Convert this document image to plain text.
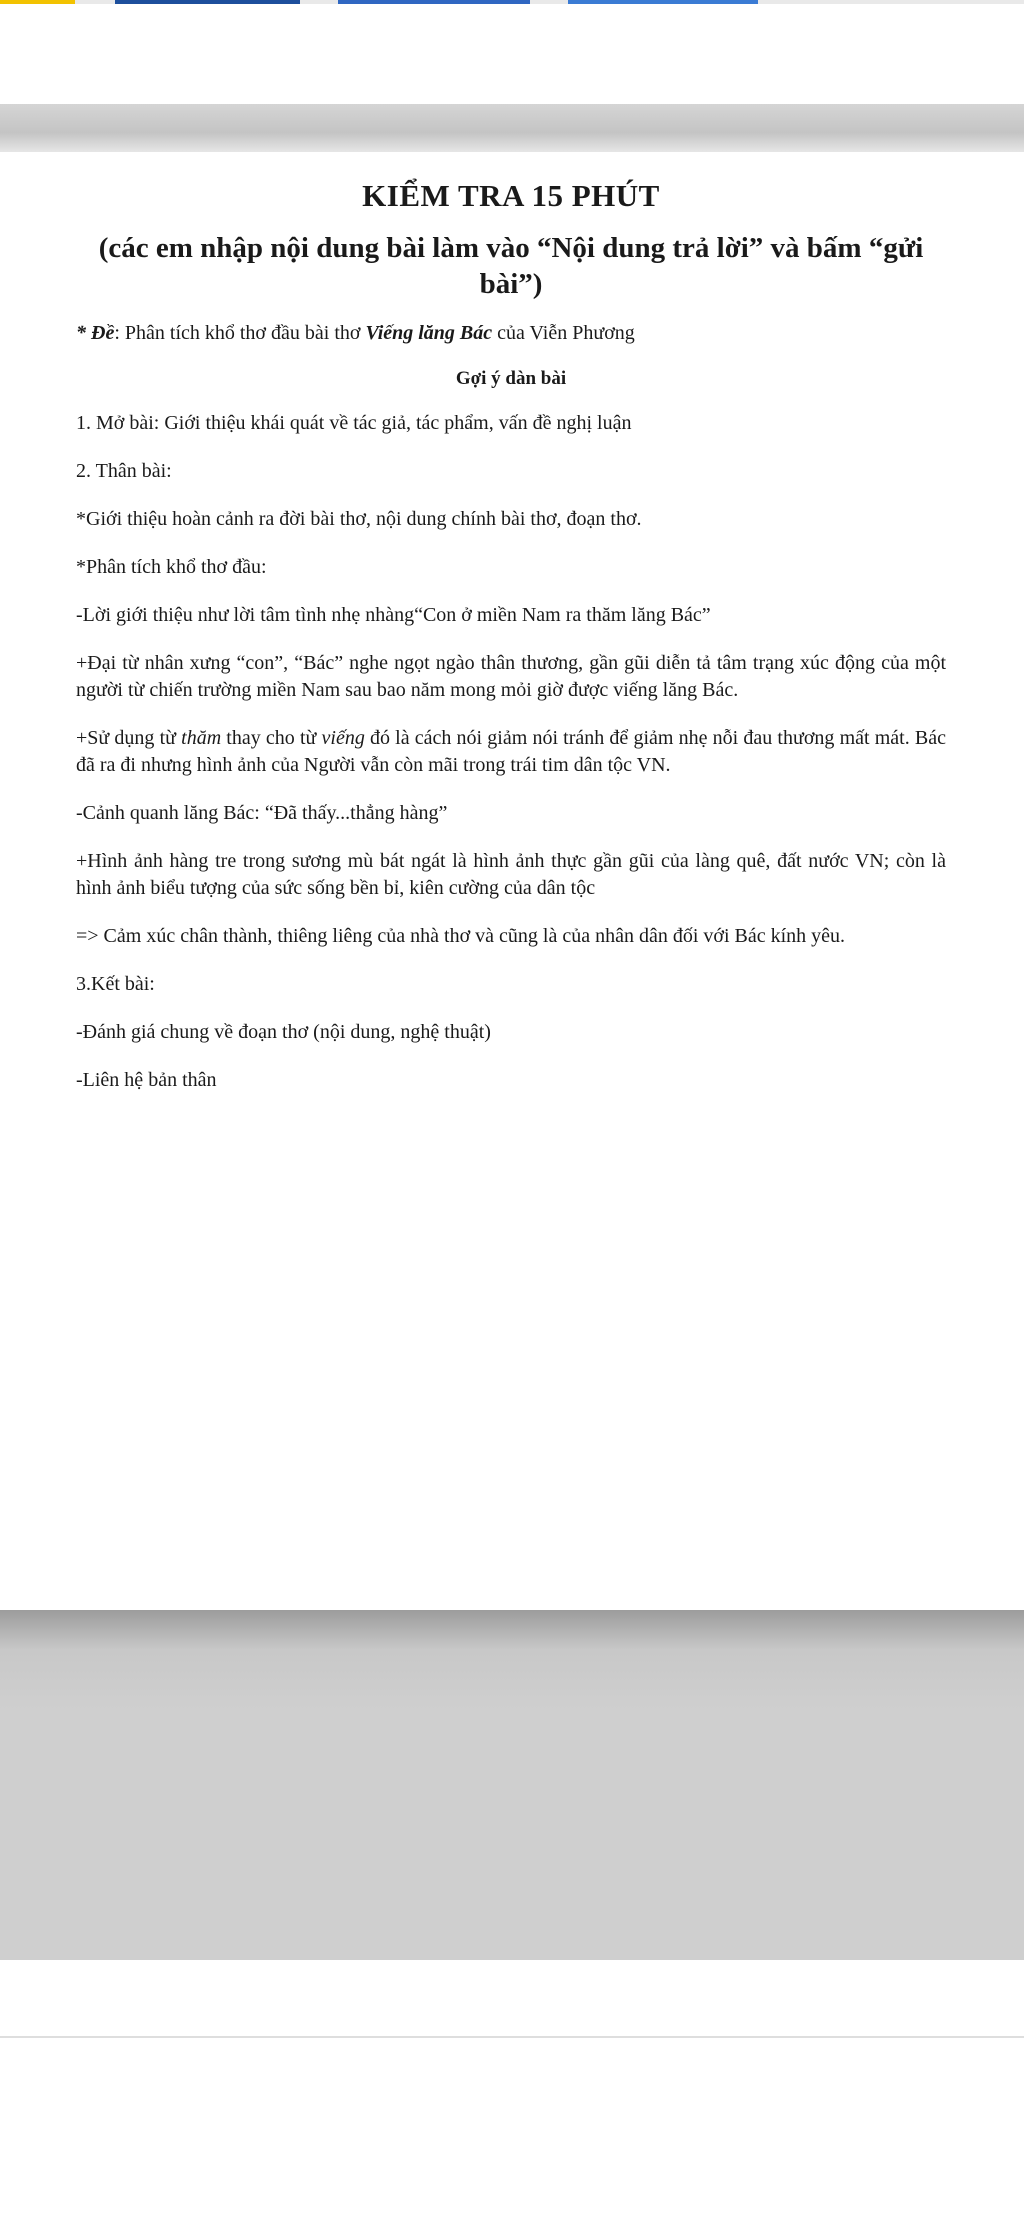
KIỂM TRA 15 PHÚT
(các em nhập nội dung bài làm vào “Nội dung trả lời” và bấm “gửi bài”)
* Đề: Phân tích khổ thơ đầu bài thơ Viếng lăng Bác của Viễn Phương
Gợi ý dàn bài
1. Mở bài: Giới thiệu khái quát về tác giả, tác phẩm, vấn đề nghị luận
2. Thân bài:
*Giới thiệu hoàn cảnh ra đời bài thơ, nội dung chính bài thơ, đoạn thơ.
*Phân tích khổ thơ đầu:
-Lời giới thiệu như lời tâm tình nhẹ nhàng“Con ở miền Nam ra thăm lăng Bác”
+Đại từ nhân xưng “con”, “Bác” nghe ngọt ngào thân thương, gần gũi diễn tả tâm trạng xúc động của một người từ chiến trường miền Nam sau bao năm mong mỏi giờ được viếng lăng Bác.
+Sử dụng từ thăm thay cho từ viếng đó là cách nói giảm nói tránh để giảm nhẹ nỗi đau thương mất mát. Bác đã ra đi nhưng hình ảnh của Người vẫn còn mãi trong trái tim dân tộc VN.
-Cảnh quanh lăng Bác: “Đã thấy...thẳng hàng”
+Hình ảnh hàng tre trong sương mù bát ngát là hình ảnh thực gần gũi của làng quê, đất nước VN; còn là hình ảnh biểu tượng của sức sống bền bỉ, kiên cường của dân tộc
=> Cảm xúc chân thành, thiêng liêng của nhà thơ và cũng là của nhân dân đối với Bác kính yêu.
3.Kết bài:
-Đánh giá chung về đoạn thơ (nội dung, nghệ thuật)
-Liên hệ bản thân
